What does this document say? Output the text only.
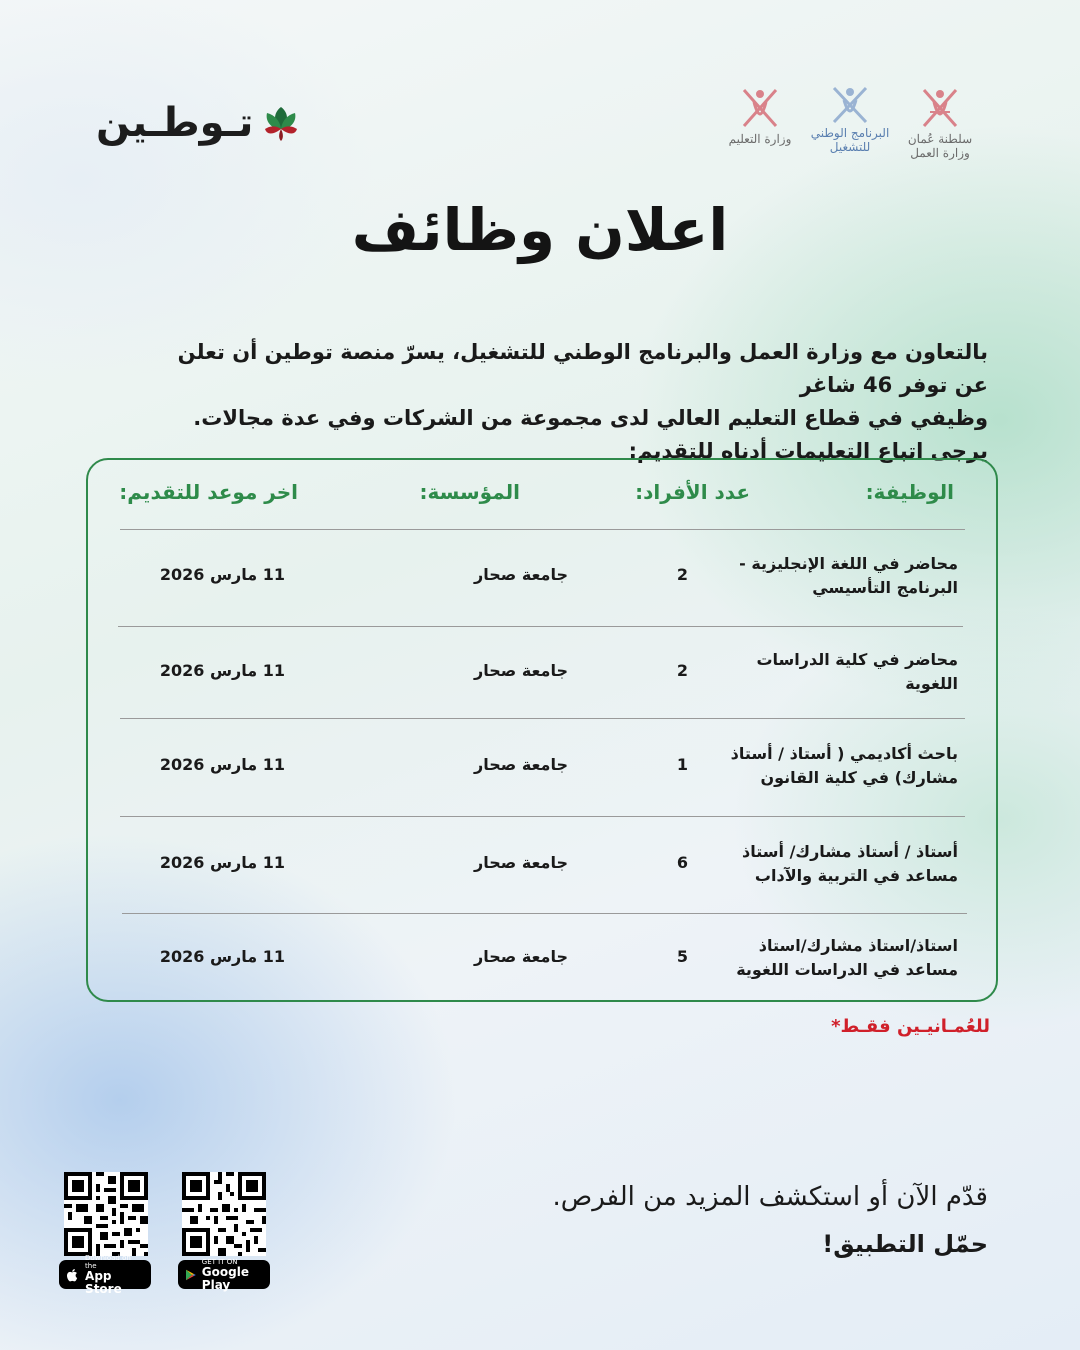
تـوطـين	سلطنة عُمان
وزارة العمل
البرنامج الوطني
للتشغيل
وزارة التعليم
اعلان وظائف
بالتعاون مع وزارة العمل والبرنامج الوطني للتشغيل، يسرّ منصة توطين أن تعلن عن توفر 46 شاغر
وظيفي في قطاع التعليم العالي لدى مجموعة من الشركات وفي عدة مجالات.
يرجى اتباع التعليمات أدناه للتقديم:
الوظيفة:
عدد الأفراد:
المؤسسة:
اخر موعد للتقديم:
محاضر في اللغة الإنجليزية -
البرنامج التأسيسي
2
جامعة صحار
11 مارس 2026
محاضر في كلية الدراسات
اللغوية
2
جامعة صحار
11 مارس 2026
باحث أكاديمي ( أستاذ / أستاذ
مشارك) في كلية القانون
1
جامعة صحار
11 مارس 2026
أستاذ / أستاذ مشارك/ أستاذ
مساعد في التربية والآداب
6
جامعة صحار
11 مارس 2026
استاذ/استاذ مشارك/استاذ
مساعد في الدراسات اللغوية
5
جامعة صحار
11 مارس 2026
للعُمـانيـين فقـط*
قدّم الآن أو استكشف المزيد من الفرص.
حمّل التطبيق!
Download on the
App Store
GET IT ON
Google Play
